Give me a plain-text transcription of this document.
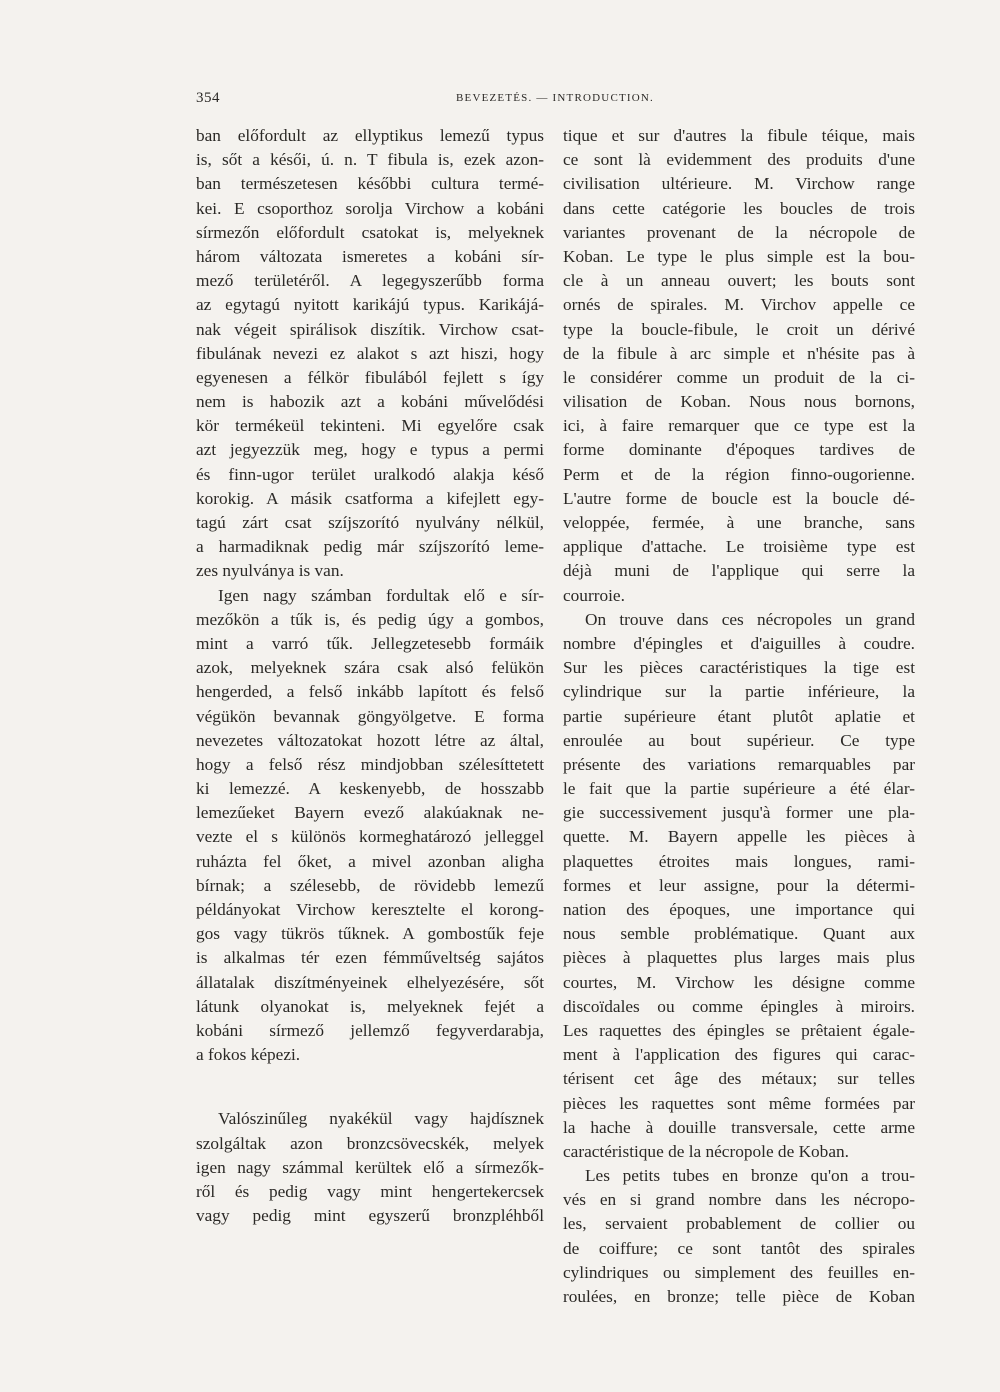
354	BEVEZETÉS. — INTRODUCTION.
ban előfordult az ellyptikus lemezű typus
is, sőt a késői, ú. n. T fibula is, ezek azon-
ban természetesen későbbi cultura termé-
kei. E csoporthoz sorolja Virchow a kobáni
sírmezőn előfordult csatokat is, melyeknek
három változata ismeretes a kobáni sír-
mező területéről. A legegyszerűbb forma
az egytagú nyitott karikájú typus. Karikájá-
nak végeit spirálisok diszítik. Virchow csat-
fibulának nevezi ez alakot s azt hiszi, hogy
egyenesen a félkör fibulából fejlett s így
nem is habozik azt a kobáni művelődési
kör termékeül tekinteni. Mi egyelőre csak
azt jegyezzük meg, hogy e typus a permi
és finn-ugor terület uralkodó alakja késő
korokig. A másik csatforma a kifejlett egy-
tagú zárt csat szíjszorító nyulvány nélkül,
a harmadiknak pedig már szíjszorító leme-
zes nyulványa is van.
Igen nagy számban fordultak elő e sír-
mezőkön a tűk is, és pedig úgy a gombos,
mint a varró tűk. Jellegzetesebb formáik
azok, melyeknek szára csak alsó felükön
hengerded, a felső inkább lapított és felső
végükön bevannak göngyölgetve. E forma
nevezetes változatokat hozott létre az által,
hogy a felső rész mindjobban szélesíttetett
ki lemezzé. A keskenyebb, de hosszabb
lemezűeket Bayern evező alakúaknak ne-
vezte el s különös kormeghatározó jelleggel
ruházta fel őket, a mivel azonban aligha
bírnak; a szélesebb, de rövidebb lemezű
példányokat Virchow keresztelte el korong-
gos vagy tükrös tűknek. A gombostűk feje
is alkalmas tér ezen fémműveltség sajátos
állatalak diszítményeinek elhelyezésére, sőt
látunk olyanokat is, melyeknek fejét a
kobáni sírmező jellemző fegyverdarabja,
a fokos képezi.
Valószinűleg nyakékül vagy hajdísznek
szolgáltak azon bronzcsövecskék, melyek
igen nagy számmal kerültek elő a sírmezők-
ről és pedig vagy mint hengertekercsek
vagy pedig mint egyszerű bronzpléhből
tique et sur d'autres la fibule téique, mais
ce sont là evidemment des produits d'une
civilisation ultérieure. M. Virchow range
dans cette catégorie les boucles de trois
variantes provenant de la nécropole de
Koban. Le type le plus simple est la bou-
cle à un anneau ouvert; les bouts sont
ornés de spirales. M. Virchov appelle ce
type la boucle-fibule, le croit un dérivé
de la fibule à arc simple et n'hésite pas à
le considérer comme un produit de la ci-
vilisation de Koban. Nous nous bornons,
ici, à faire remarquer que ce type est la
forme dominante d'époques tardives de
Perm et de la région finno-ougorienne.
L'autre forme de boucle est la boucle dé-
veloppée, fermée, à une branche, sans
applique d'attache. Le troisième type est
déjà muni de l'applique qui serre la
courroie.
On trouve dans ces nécropoles un grand
nombre d'épingles et d'aiguilles à coudre.
Sur les pièces caractéristiques la tige est
cylindrique sur la partie inférieure, la
partie supérieure étant plutôt aplatie et
enroulée au bout supérieur. Ce type
présente des variations remarquables par
le fait que la partie supérieure a été élar-
gie successivement jusqu'à former une pla-
quette. M. Bayern appelle les pièces à
plaquettes étroites mais longues, rami-
formes et leur assigne, pour la détermi-
nation des époques, une importance qui
nous semble problématique. Quant aux
pièces à plaquettes plus larges mais plus
courtes, M. Virchow les désigne comme
discoïdales ou comme épingles à miroirs.
Les raquettes des épingles se prêtaient égale-
ment à l'application des figures qui carac-
térisent cet âge des métaux; sur telles
pièces les raquettes sont même formées par
la hache à douille transversale, cette arme
caractéristique de la nécropole de Koban.
Les petits tubes en bronze qu'on a trou-
vés en si grand nombre dans les nécropo-
les, servaient probablement de collier ou
de coiffure; ce sont tantôt des spirales
cylindriques ou simplement des feuilles en-
roulées, en bronze; telle pièce de Koban
